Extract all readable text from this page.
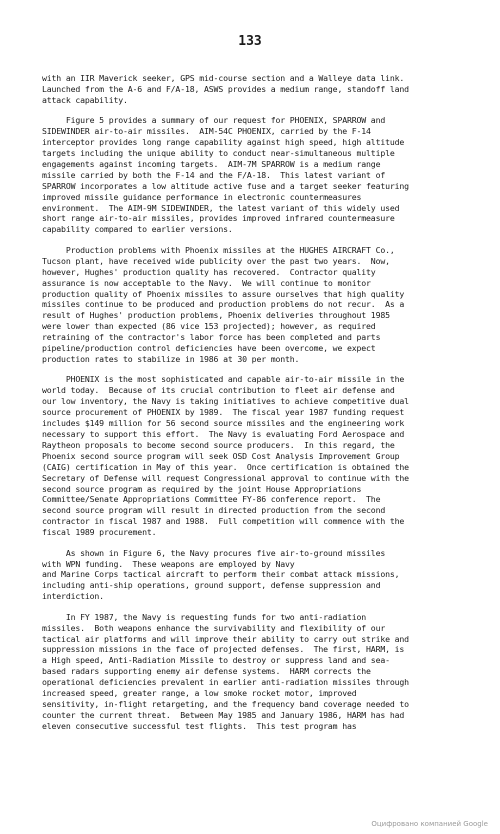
133
with an IIR Maverick seeker, GPS mid-course section and a Walleye data link.
Launched from the A-6 and F/A-18, ASWS provides a medium range, standoff land
attack capability.
Figure 5 provides a summary of our request for PHOENIX, SPARROW and
SIDEWINDER air-to-air missiles.  AIM-54C PHOENIX, carried by the F-14
interceptor provides long range capability against high speed, high altitude
targets including the unique ability to conduct near-simultaneous multiple
engagements against incoming targets.  AIM-7M SPARROW is a medium range
missile carried by both the F-14 and the F/A-18.  This latest variant of
SPARROW incorporates a low altitude active fuse and a target seeker featuring
improved missile guidance performance in electronic countermeasures
environment.  The AIM-9M SIDEWINDER, the latest variant of this widely used
short range air-to-air missiles, provides improved infrared countermeasure
capability compared to earlier versions.
Production problems with Phoenix missiles at the HUGHES AIRCRAFT Co.,
Tucson plant, have received wide publicity over the past two years.  Now,
however, Hughes' production quality has recovered.  Contractor quality
assurance is now acceptable to the Navy.  We will continue to monitor
production quality of Phoenix missiles to assure ourselves that high quality
missiles continue to be produced and production problems do not recur.  As a
result of Hughes' production problems, Phoenix deliveries throughout 1985
were lower than expected (86 vice 153 projected); however, as required
retraining of the contractor's labor force has been completed and parts
pipeline/production control deficiencies have been overcome, we expect
production rates to stabilize in 1986 at 30 per month.
PHOENIX is the most sophisticated and capable air-to-air missile in the
world today.  Because of its crucial contribution to fleet air defense and
our low inventory, the Navy is taking initiatives to achieve competitive dual
source procurement of PHOENIX by 1989.  The fiscal year 1987 funding request
includes $149 million for 56 second source missiles and the engineering work
necessary to support this effort.  The Navy is evaluating Ford Aerospace and
Raytheon proposals to become second source producers.  In this regard, the
Phoenix second source program will seek OSD Cost Analysis Improvement Group
(CAIG) certification in May of this year.  Once certification is obtained the
Secretary of Defense will request Congressional approval to continue with the
second source program as required by the joint House Appropriations
Committee/Senate Appropriations Committee FY-86 conference report.  The
second source program will result in directed production from the second
contractor in fiscal 1987 and 1988.  Full competition will commence with the
fiscal 1989 procurement.
As shown in Figure 6, the Navy procures five air-to-ground missiles
with WPN funding.  These weapons are employed by Navy
and Marine Corps tactical aircraft to perform their combat attack missions,
including anti-ship operations, ground support, defense suppression and
interdiction.
In FY 1987, the Navy is requesting funds for two anti-radiation
missiles.  Both weapons enhance the survivability and flexibility of our
tactical air platforms and will improve their ability to carry out strike and
suppression missions in the face of projected defenses.  The first, HARM, is
a High speed, Anti-Radiation Missile to destroy or suppress land and sea-
based radars supporting enemy air defense systems.  HARM corrects the
operational deficiencies prevalent in earlier anti-radiation missiles through
increased speed, greater range, a low smoke rocket motor, improved
sensitivity, in-flight retargeting, and the frequency band coverage needed to
counter the current threat.  Between May 1985 and January 1986, HARM has had
eleven consecutive successful test flights.  This test program has
Оцифровано компанией Google
